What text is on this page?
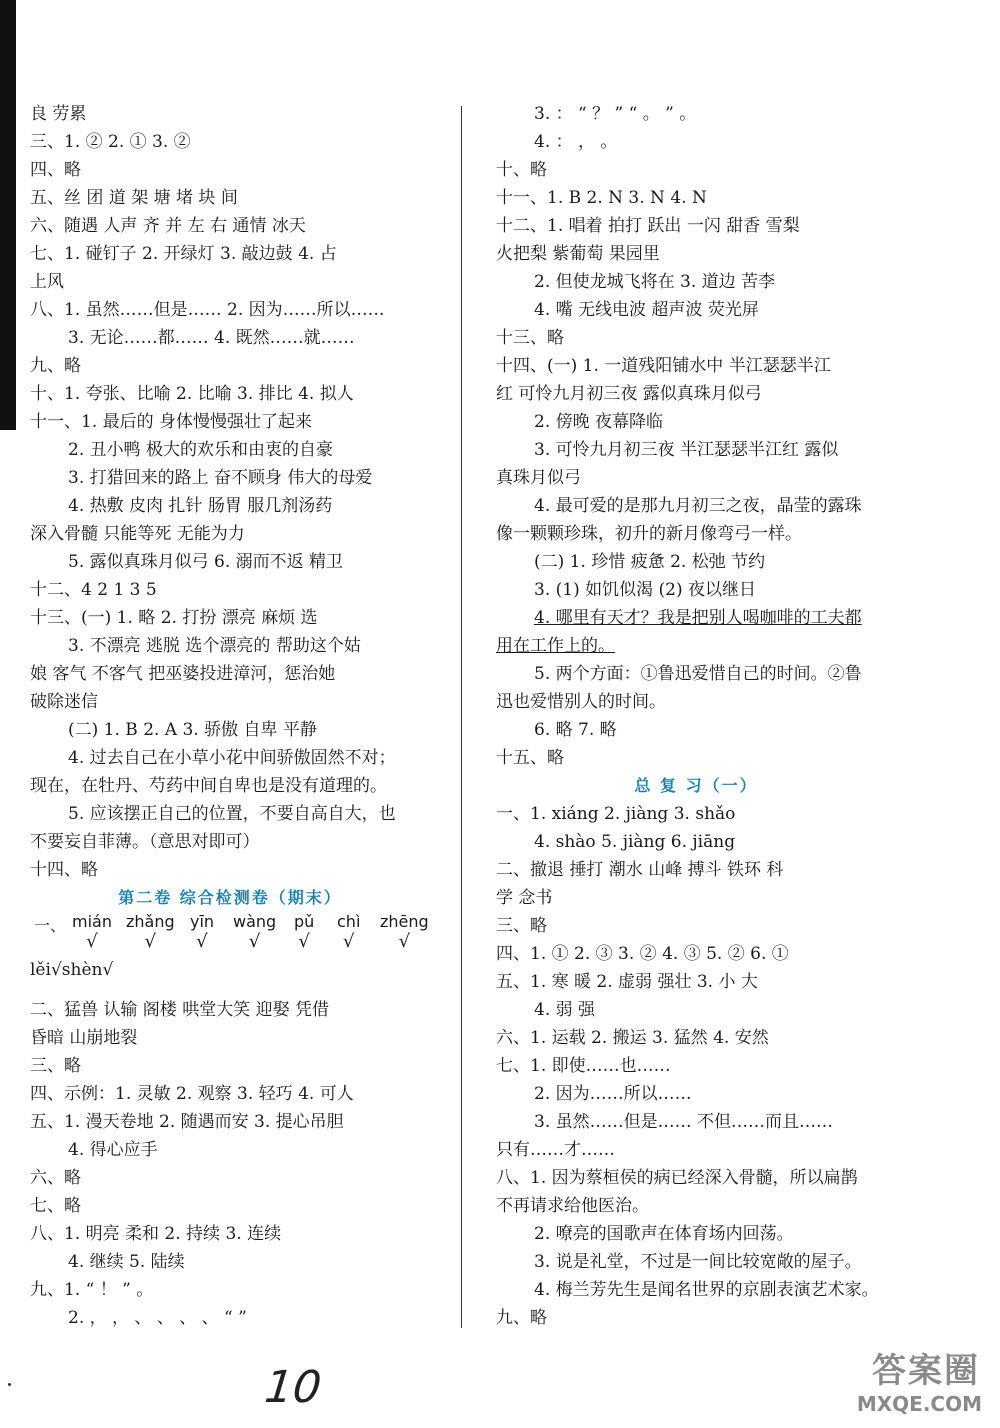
良 劳累
三、1. ② 2. ① 3. ②
四、略
五、丝 团 道 架 塘 堵 块 间
六、随遇 人声 齐 并 左 右 通情 冰天
七、1. 碰钉子 2. 开绿灯 3. 敲边鼓 4. 占
上风
八、1. 虽然……但是…… 2. 因为……所以……
3. 无论……都…… 4. 既然……就……
九、略
十、1. 夸张、比喻 2. 比喻 3. 排比 4. 拟人
十一、1. 最后的 身体慢慢强壮了起来
2. 丑小鸭 极大的欢乐和由衷的自豪
3. 打猎回来的路上 奋不顾身 伟大的母爱
4. 热敷 皮肉 扎针 肠胃 服几剂汤药
深入骨髓 只能等死 无能为力
5. 露似真珠月似弓 6. 溺而不返 精卫
十二、4 2 1 3 5
十三、(一) 1. 略 2. 打扮 漂亮 麻烦 选
3. 不漂亮 逃脱 选个漂亮的 帮助这个姑
娘 客气 不客气 把巫婆投进漳河，惩治她
破除迷信
(二) 1. B 2. A 3. 骄傲 自卑 平静
4. 过去自己在小草小花中间骄傲固然不对；
现在，在牡丹、芍药中间自卑也是没有道理的。
5. 应该摆正自己的位置，不要自高自大，也
不要妄自菲薄。（意思对即可）
十四、略
第二卷 综合检测卷（期末）
一、 mián
√
zhǎng
√
yīn
√
wàng
√
pǔ
√
chì
√
zhēng
√
lěi√shèn√
二、猛兽 认输 阁楼 哄堂大笑 迎娶 凭借
昏暗 山崩地裂
三、略
四、示例：1. 灵敏 2. 观察 3. 轻巧 4. 可人
五、1. 漫天卷地 2. 随遇而安 3. 提心吊胆
4. 得心应手
六、略
七、略
八、1. 明亮 柔和 2. 持续 3. 连续
4. 继续 5. 陆续
九、1. “ ！ ” 。
2. ， ， 、 、 、 、 “ ”
3. ： “ ？ ” “ 。 ” 。
4. ： ， 。
十、略
十一、1. B 2. N 3. N 4. N
十二、1. 唱着 拍打 跃出 一闪 甜香 雪梨
火把梨 紫葡萄 果园里
2. 但使龙城飞将在 3. 道边 苦李
4. 嘴 无线电波 超声波 荧光屏
十三、略
十四、(一) 1. 一道残阳铺水中 半江瑟瑟半江
红 可怜九月初三夜 露似真珠月似弓
2. 傍晚 夜幕降临
3. 可怜九月初三夜 半江瑟瑟半江红 露似
真珠月似弓
4. 最可爱的是那九月初三之夜，晶莹的露珠
像一颗颗珍珠，初升的新月像弯弓一样。
(二) 1. 珍惜 疲惫 2. 松弛 节约
3. (1) 如饥似渴 (2) 夜以继日
4. 哪里有天才？我是把别人喝咖啡的工夫都
用在工作上的。
5. 两个方面：①鲁迅爱惜自己的时间。②鲁
迅也爱惜别人的时间。
6. 略 7. 略
十五、略
总 复 习（一）
一、1. xiáng 2. jiàng 3. shǎo
4. shào 5. jiàng 6. jiāng
二、撤退 捶打 潮水 山峰 搏斗 铁环 科
学 念书
三、略
四、1. ① 2. ③ 3. ② 4. ③ 5. ② 6. ①
五、1. 寒 暖 2. 虚弱 强壮 3. 小 大
4. 弱 强
六、1. 运载 2. 搬运 3. 猛然 4. 安然
七、1. 即使……也……
2. 因为……所以……
3. 虽然……但是…… 不但……而且……
只有……才……
八、1. 因为蔡桓侯的病已经深入骨髓，所以扁鹊
不再请求给他医治。
2. 嘹亮的国歌声在体育场内回荡。
3. 说是礼堂，不过是一间比较宽敞的屋子。
4. 梅兰芳先生是闻名世界的京剧表演艺术家。
九、略
10	答案圈
MXQE.COM
